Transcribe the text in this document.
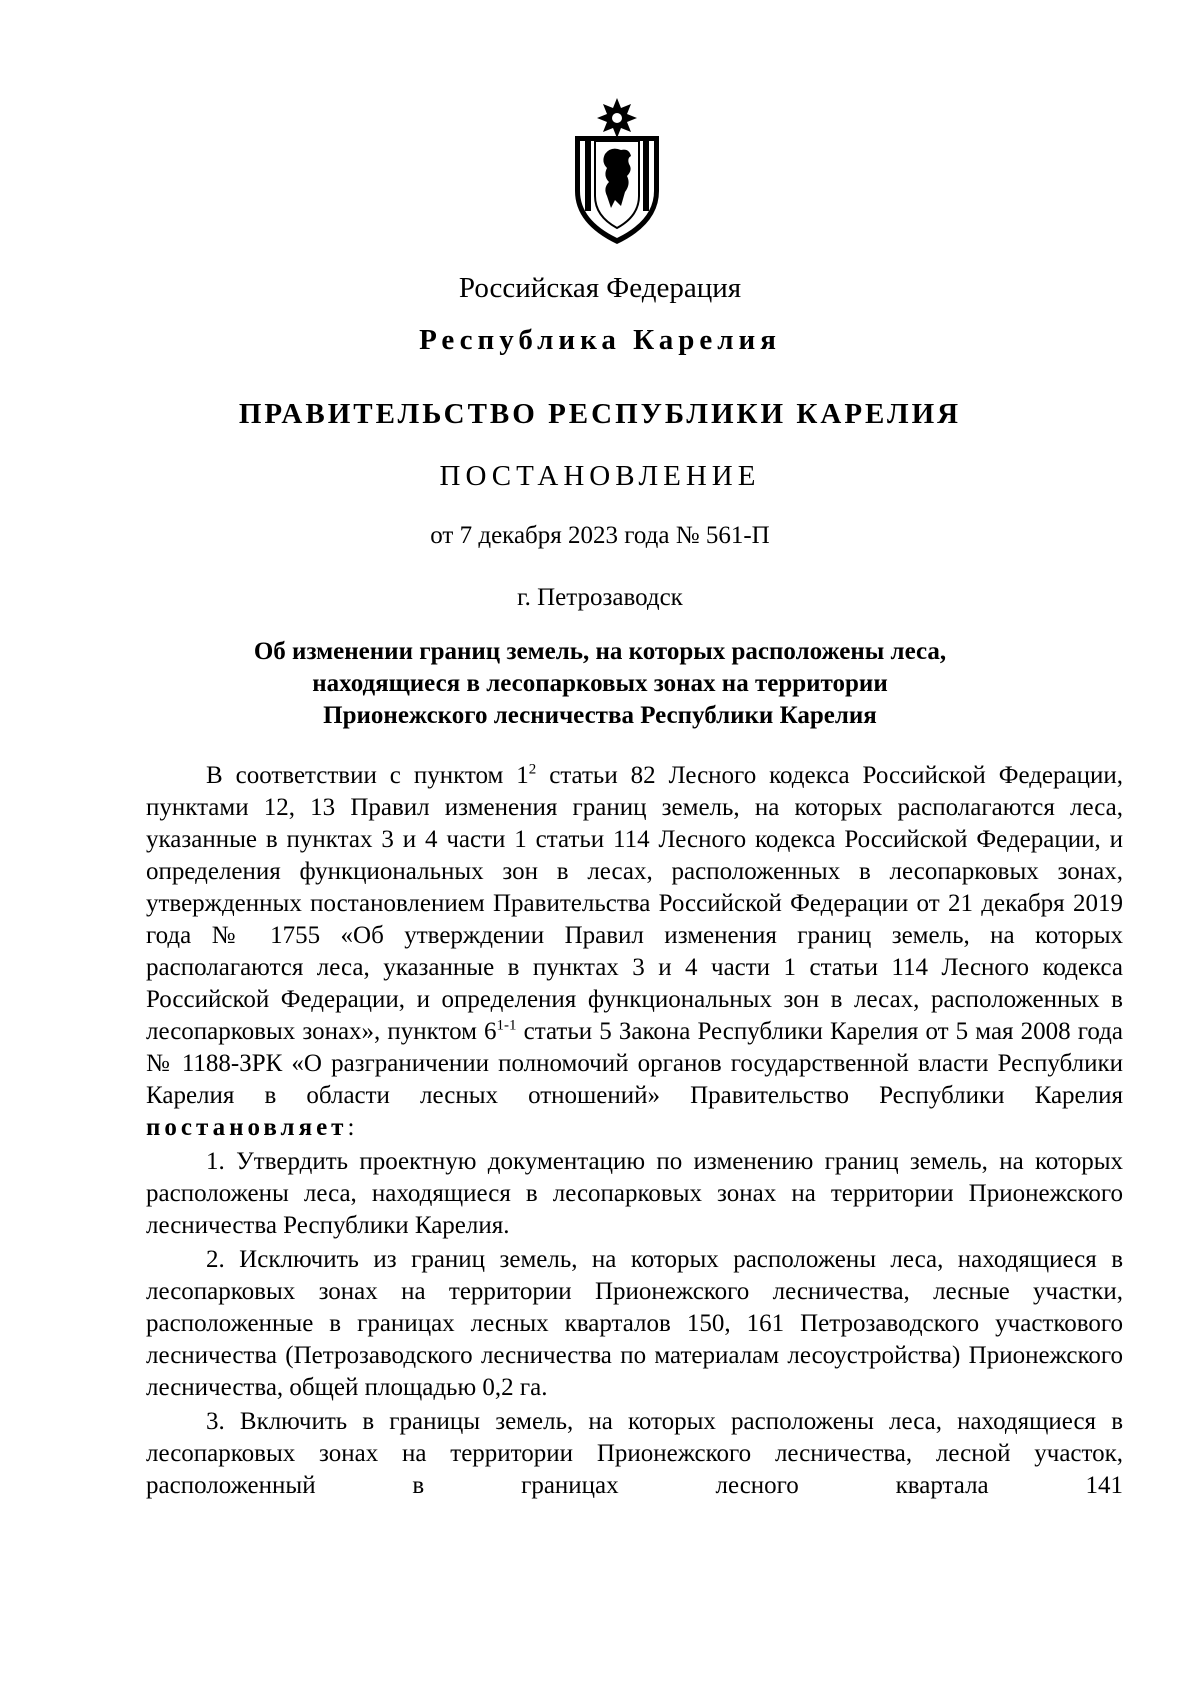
Российская Федерация
Республика Карелия
ПРАВИТЕЛЬСТВО РЕСПУБЛИКИ КАРЕЛИЯ
ПОСТАНОВЛЕНИЕ
от 7 декабря 2023 года № 561-П
г. Петрозаводск
Об изменении границ земель, на которых расположены леса,
находящиеся в лесопарковых зонах на территории
Прионежского лесничества Республики Карелия

В соответствии с пунктом $1^2$ статьи 82 Лесного кодекса Российской Федерации, пунктами 12, 13 Правил изменения границ земель, на которых располагаются леса, указанные в пунктах 3 и 4 части 1 статьи 114 Лесного кодекса Российской Федерации, и определения функциональных зон в лесах, расположенных в лесопарковых зонах, утвержденных постановлением Правительства Российской Федерации от 21 декабря 2019 года № 1755 «Об утверждении Правил изменения границ земель, на которых располагаются леса, указанные в пунктах 3 и 4 части 1 статьи 114 Лесного кодекса Российской Федерации, и определения функциональных зон в лесах, расположенных в лесопарковых зонах», пунктом 6$^{1-1}$ статьи 5 Закона Республики Карелия от 5 мая 2008 года № 1188-ЗРК «О разграничении полномочий органов государственной власти Республики Карелия в области лесных отношений» Правительство Республики Карелия постановляет:

1. Утвердить проектную документацию по изменению границ земель, на которых расположены леса, находящиеся в лесопарковых зонах на территории Прионежского лесничества Республики Карелия.

2. Исключить из границ земель, на которых расположены леса, находящиеся в лесопарковых зонах на территории Прионежского лесничества, лесные участки, расположенные в границах лесных кварталов 150, 161 Петрозаводского участкового лесничества (Петрозаводского лесничества по материалам лесоустройства) Прионежского лесничества, общей площадью 0,2 га.

3. Включить в границы земель, на которых расположены леса, находящиеся в лесопарковых зонах на территории Прионежского лесничества, лесной участок, расположенный в границах лесного квартала 141
